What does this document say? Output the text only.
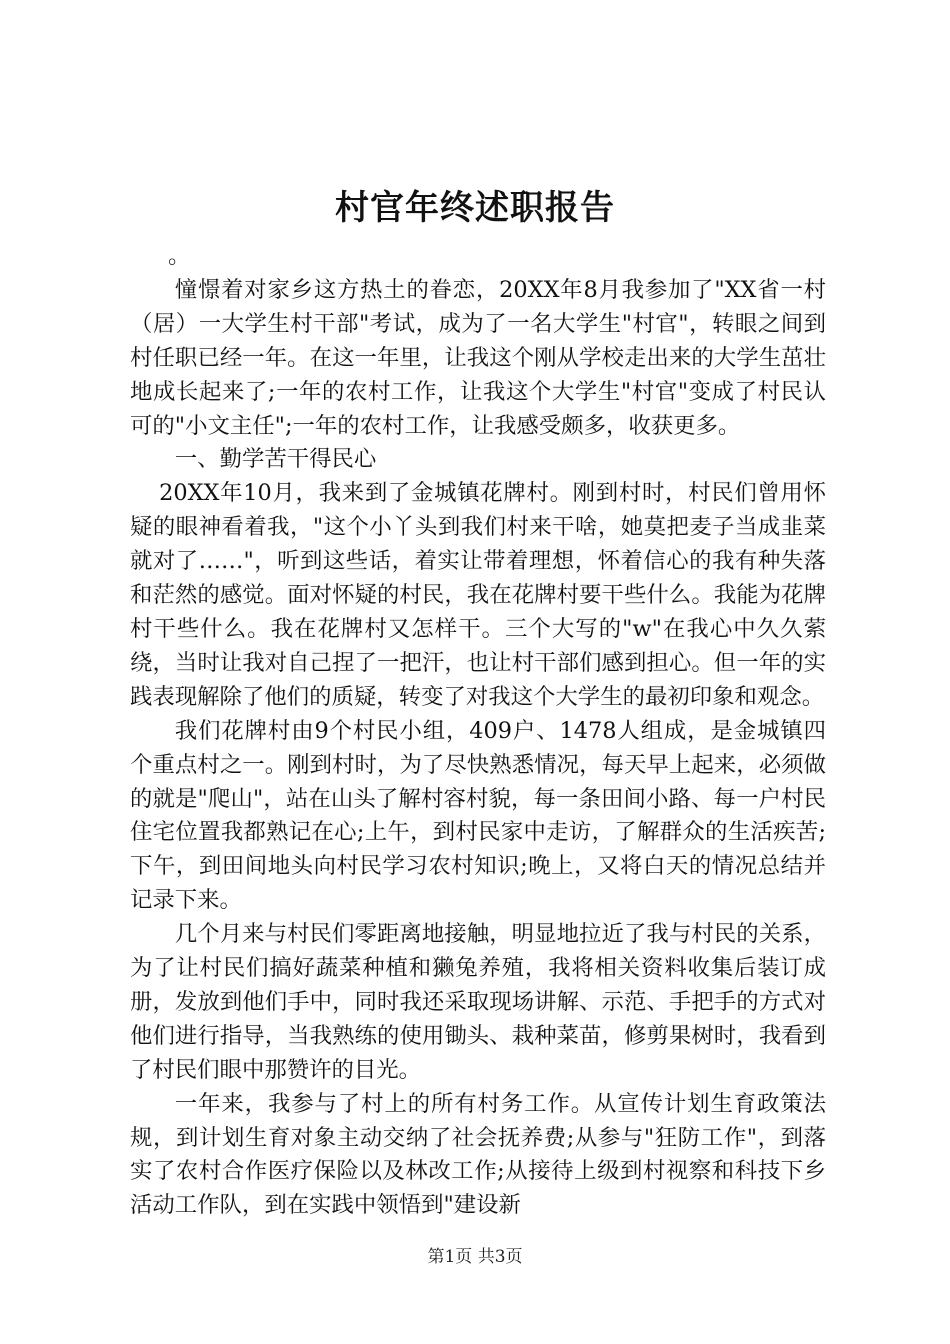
村官年终述职报告

。

憧憬着对家乡这方热土的眷恋，20XX年8月我参加了"XX省一村（居）一大学生村干部"考试，成为了一名大学生"村官"，转眼之间到村任职已经一年。在这一年里，让我这个刚从学校走出来的大学生茁壮地成长起来了;一年的农村工作，让我这个大学生"村官"变成了村民认可的"小文主任";一年的农村工作，让我感受颇多，收获更多。

一、勤学苦干得民心

20XX年10月，我来到了金城镇花牌村。刚到村时，村民们曾用怀疑的眼神看着我，"这个小丫头到我们村来干啥，她莫把麦子当成韭菜就对了……"，听到这些话，着实让带着理想，怀着信心的我有种失落和茫然的感觉。面对怀疑的村民，我在花牌村要干些什么。我能为花牌村干些什么。我在花牌村又怎样干。三个大写的"w"在我心中久久萦绕，当时让我对自己捏了一把汗，也让村干部们感到担心。但一年的实践表现解除了他们的质疑，转变了对我这个大学生的最初印象和观念。

我们花牌村由9个村民小组，409户、1478人组成，是金城镇四个重点村之一。刚到村时，为了尽快熟悉情况，每天早上起来，必须做的就是"爬山"，站在山头了解村容村貌，每一条田间小路、每一户村民住宅位置我都熟记在心;上午，到村民家中走访，了解群众的生活疾苦;下午，到田间地头向村民学习农村知识;晚上，又将白天的情况总结并记录下来。

几个月来与村民们零距离地接触，明显地拉近了我与村民的关系，为了让村民们搞好蔬菜种植和獭兔养殖，我将相关资料收集后装订成册，发放到他们手中，同时我还采取现场讲解、示范、手把手的方式对他们进行指导，当我熟练的使用锄头、栽种菜苗，修剪果树时，我看到了村民们眼中那赞许的目光。

一年来，我参与了村上的所有村务工作。从宣传计划生育政策法规，到计划生育对象主动交纳了社会抚养费;从参与"狂防工作"，到落实了农村合作医疗保险以及林改工作;从接待上级到村视察和科技下乡活动工作队，到在实践中领悟到"建设新

第1页 共3页
